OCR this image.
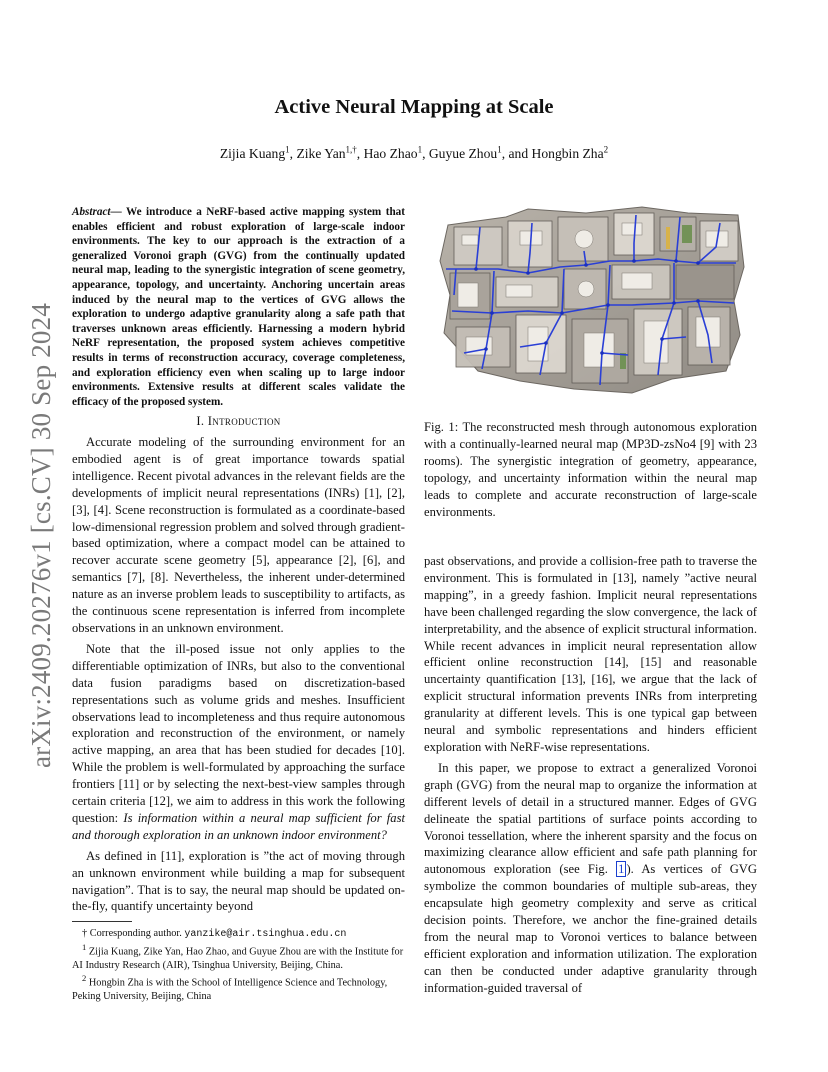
arXiv:2409.20276v1 [cs.CV] 30 Sep 2024
Active Neural Mapping at Scale
Zijia Kuang$^1$, Zike Yan$^{1,\dagger}$, Hao Zhao$^1$, Guyue Zhou$^1$, and Hongbin Zha$^2$
Abstract— We introduce a NeRF-based active mapping system that enables efficient and robust exploration of large-scale indoor environments. The key to our approach is the extraction of a generalized Voronoi graph (GVG) from the continually updated neural map, leading to the synergistic integration of scene geometry, appearance, topology, and uncertainty. Anchoring uncertain areas induced by the neural map to the vertices of GVG allows the exploration to undergo adaptive granularity along a safe path that traverses unknown areas efficiently. Harnessing a modern hybrid NeRF representation, the proposed system achieves competitive results in terms of reconstruction accuracy, coverage completeness, and exploration efficiency even when scaling up to large indoor environments. Extensive results at different scales validate the efficacy of the proposed system.
I. Introduction

Accurate modeling of the surrounding environment for an embodied agent is of great importance towards spatial intelligence. Recent pivotal advances in the relevant fields are the developments of implicit neural representations (INRs) [1], [2], [3], [4]. Scene reconstruction is formulated as a coordinate-based low-dimensional regression problem and solved through gradient-based optimization, where a compact model can be attained to recover accurate scene geometry [5], appearance [2], [6], and semantics [7], [8]. Nevertheless, the inherent under-determined nature as an inverse problem leads to susceptibility to artifacts, as the continuous scene representation is inferred from incomplete observations in an unknown environment.

Note that the ill-posed issue not only applies to the differentiable optimization of INRs, but also to the conventional data fusion paradigms based on discretization-based representations such as volume grids and meshes. Insufficient observations lead to incompleteness and thus require autonomous exploration and reconstruction of the environment, or namely active mapping, an area that has been studied for decades [10]. While the problem is well-formulated by approaching the surface frontiers [11] or by selecting the next-best-view samples through certain criteria [12], we aim to address in this work the following question: Is information within a neural map sufficient for fast and thorough exploration in an unknown indoor environment?

As defined in [11], exploration is ”the act of moving through an unknown environment while building a map for subsequent navigation”. That is to say, the neural map should be updated on-the-fly, quantify uncertainty beyond

† Corresponding author. yanzike@air.tsinghua.edu.cn

$^1$ Zijia Kuang, Zike Yan, Hao Zhao, and Guyue Zhou are with the Institute for AI Industry Research (AIR), Tsinghua University, Beijing, China.

$^2$ Hongbin Zha is with the School of Intelligence Science and Technology, Peking University, Beijing, China

Fig. 1: The reconstructed mesh through autonomous exploration with a continually-learned neural map (MP3D-zsNo4 [9] with 23 rooms). The synergistic integration of geometry, appearance, topology, and uncertainty information within the neural map leads to complete and accurate reconstruction of large-scale environments.

past observations, and provide a collision-free path to traverse the environment. This is formulated in [13], namely ”active neural mapping”, in a greedy fashion. Implicit neural representations have been challenged regarding the slow convergence, the lack of interpretability, and the absence of explicit structural information. While recent advances in implicit neural representation allow efficient online reconstruction [14], [15] and reasonable uncertainty quantification [13], [16], we argue that the lack of explicit structural information prevents INRs from interpreting granularity at different levels. This is one typical gap between neural and symbolic representations and hinders efficient exploration with NeRF-wise representations.

In this paper, we propose to extract a generalized Voronoi graph (GVG) from the neural map to organize the information at different levels of detail in a structured manner. Edges of GVG delineate the spatial partitions of surface points according to Voronoi tessellation, where the inherent sparsity and the focus on maximizing clearance allow efficient and safe path planning for autonomous exploration (see Fig. 1 ). As vertices of GVG symbolize the common boundaries of multiple sub-areas, they encapsulate high geometry complexity and serve as critical decision points. Therefore, we anchor the fine-grained details from the neural map to Voronoi vertices to balance between efficient exploration and information utilization. The exploration can then be conducted under adaptive granularity through information-guided traversal of
